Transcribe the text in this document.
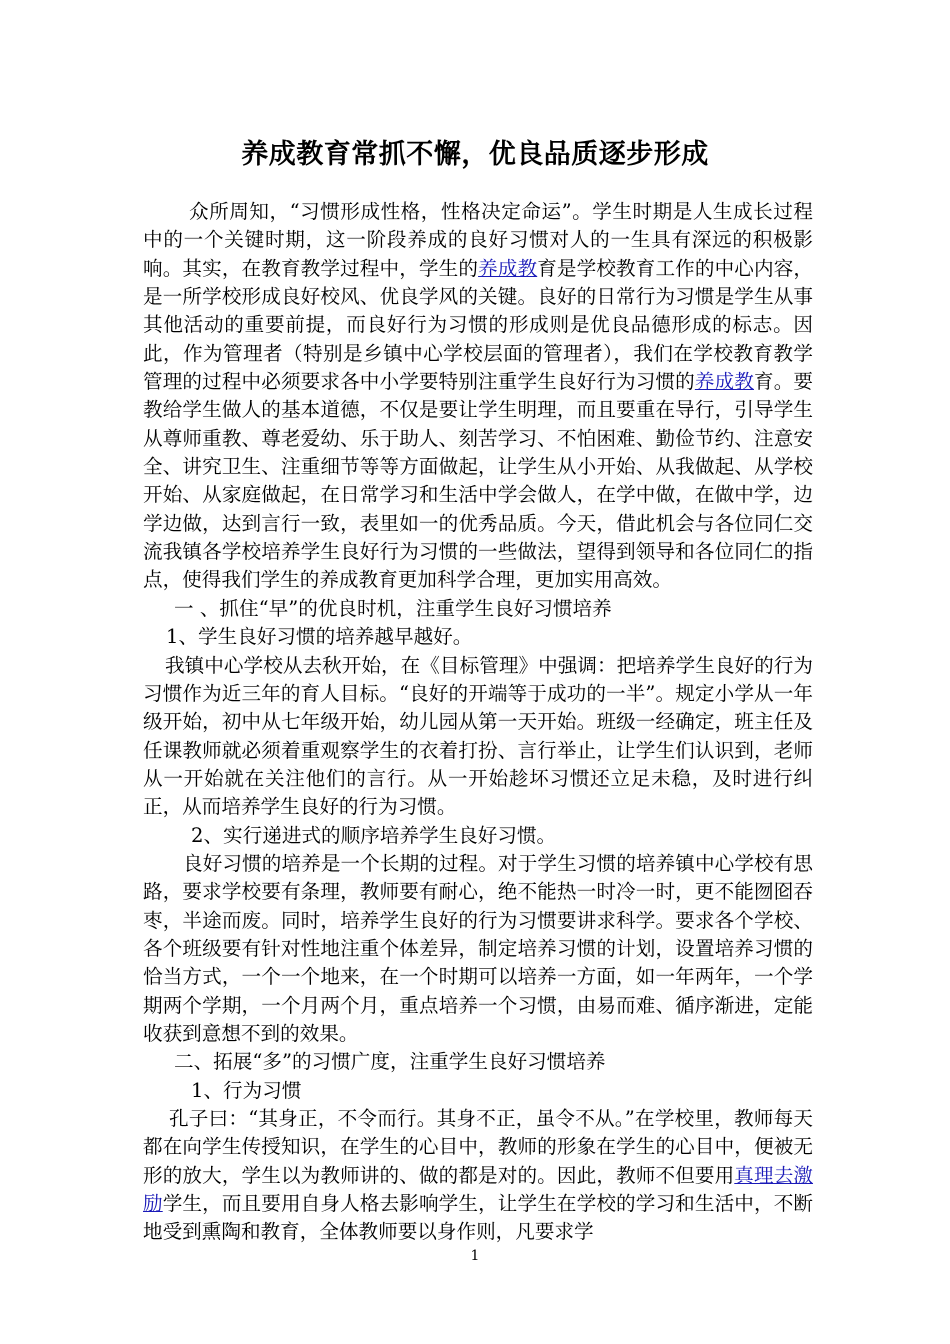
养成教育常抓不懈，优良品质逐步形成

众所周知，“习惯形成性格，性格决定命运”。学生时期是人生成长过程中的一个关键时期，这一阶段养成的良好习惯对人的一生具有深远的积极影响。其实，在教育教学过程中，学生的养成教育是学校教育工作的中心内容，是一所学校形成良好校风、优良学风的关键。良好的日常行为习惯是学生从事其他活动的重要前提，而良好行为习惯的形成则是优良品德形成的标志。因此，作为管理者（特别是乡镇中心学校层面的管理者），我们在学校教育教学管理的过程中必须要求各中小学要特别注重学生良好行为习惯的养成教育。要教给学生做人的基本道德，不仅是要让学生明理，而且要重在导行，引导学生从尊师重教、尊老爱幼、乐于助人、刻苦学习、不怕困难、勤俭节约、注意安全、讲究卫生、注重细节等等方面做起，让学生从小开始、从我做起、从学校开始、从家庭做起，在日常学习和生活中学会做人，在学中做，在做中学，边学边做，达到言行一致，表里如一的优秀品质。今天，借此机会与各位同仁交流我镇各学校培养学生良好行为习惯的一些做法，望得到领导和各位同仁的指点，使得我们学生的养成教育更加科学合理，更加实用高效。

一 、抓住“早”的优良时机，注重学生良好习惯培养

1、学生良好习惯的培养越早越好。

我镇中心学校从去秋开始，在《目标管理》中强调：把培养学生良好的行为习惯作为近三年的育人目标。“良好的开端等于成功的一半”。规定小学从一年级开始，初中从七年级开始，幼儿园从第一天开始。班级一经确定，班主任及任课教师就必须着重观察学生的衣着打扮、言行举止，让学生们认识到，老师从一开始就在关注他们的言行。从一开始趁坏习惯还立足未稳，及时进行纠正，从而培养学生良好的行为习惯。

2、实行递进式的顺序培养学生良好习惯。

良好习惯的培养是一个长期的过程。对于学生习惯的培养镇中心学校有思路，要求学校要有条理，教师要有耐心，绝不能热一时冷一时，更不能囫囵吞枣，半途而废。同时，培养学生良好的行为习惯要讲求科学。要求各个学校、各个班级要有针对性地注重个体差异，制定培养习惯的计划，设置培养习惯的恰当方式，一个一个地来，在一个时期可以培养一方面，如一年两年，一个学期两个学期，一个月两个月，重点培养一个习惯，由易而难、循序渐进，定能收获到意想不到的效果。

二、拓展“多”的习惯广度，注重学生良好习惯培养

1、行为习惯

孔子曰：“其身正，不令而行。其身不正，虽令不从。”在学校里，教师每天都在向学生传授知识，在学生的心目中，教师的形象在学生的心目中，便被无形的放大，学生以为教师讲的、做的都是对的。因此，教师不但要用真理去激励学生，而且要用自身人格去影响学生，让学生在学校的学习和生活中，不断地受到熏陶和教育，全体教师要以身作则，凡要求学

1
